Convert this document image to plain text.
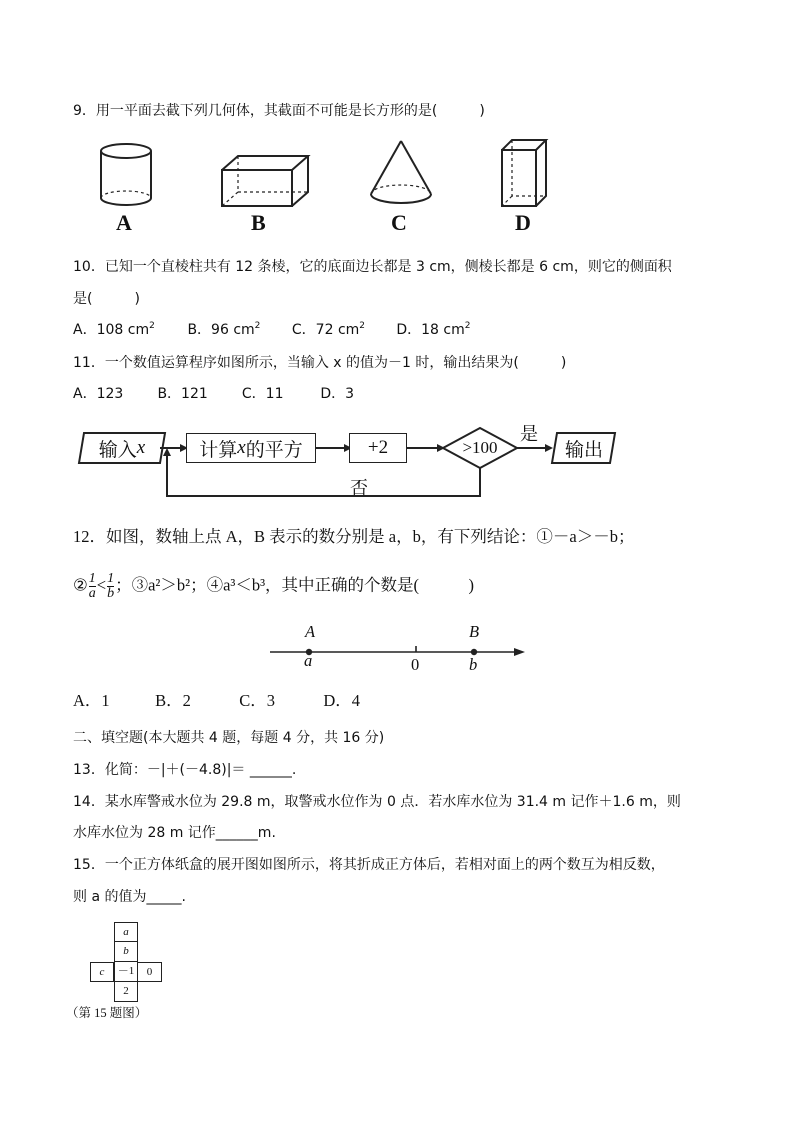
9．用一平面去截下列几何体，其截面不可能是长方形的是(　　　)
A	B	C	D
10．已知一个直棱柱共有 12 条棱，它的底面边长都是 3 cm，侧棱长都是 6 cm，则它的侧面积
是(　　　)
A．108 $cm^2$ B．96 $cm^2$ C．72 $cm^2$ D．18 $cm^2$
11．一个数值运算程序如图所示，当输入 x 的值为－1 时，输出结果为(　　　)
A．123 B．121 C．11	D．3
输入 x	计算 x 的平方	+2	>100	输出
是
否
12．如图，数轴上点 A，B 表示的数分别是 a，b，有下列结论：①－a＞－b；
② $\frac{1}{a} < \frac{1}{b}$ ；③a²＞b²；④a³＜b³，其中正确的个数是(　　　)
A
a	0
B
b
A．1	B．2	C．3	D．4
二、填空题(本大题共 4 题，每题 4 分，共 16 分)
13．化简：－|＋(－4.8)|＝ ______.
14．某水库警戒水位为 29.8 m，取警戒水位作为 0 点．若水库水位为 31.4 m 记作＋1.6 m，则
水库水位为 28 m 记作______m.
15．一个正方体纸盒的展开图如图所示，将其折成正方体后，若相对面上的两个数互为相反数，
则 a 的值为_____.
a
b
c	－1	0
2
（第 15 题图）
